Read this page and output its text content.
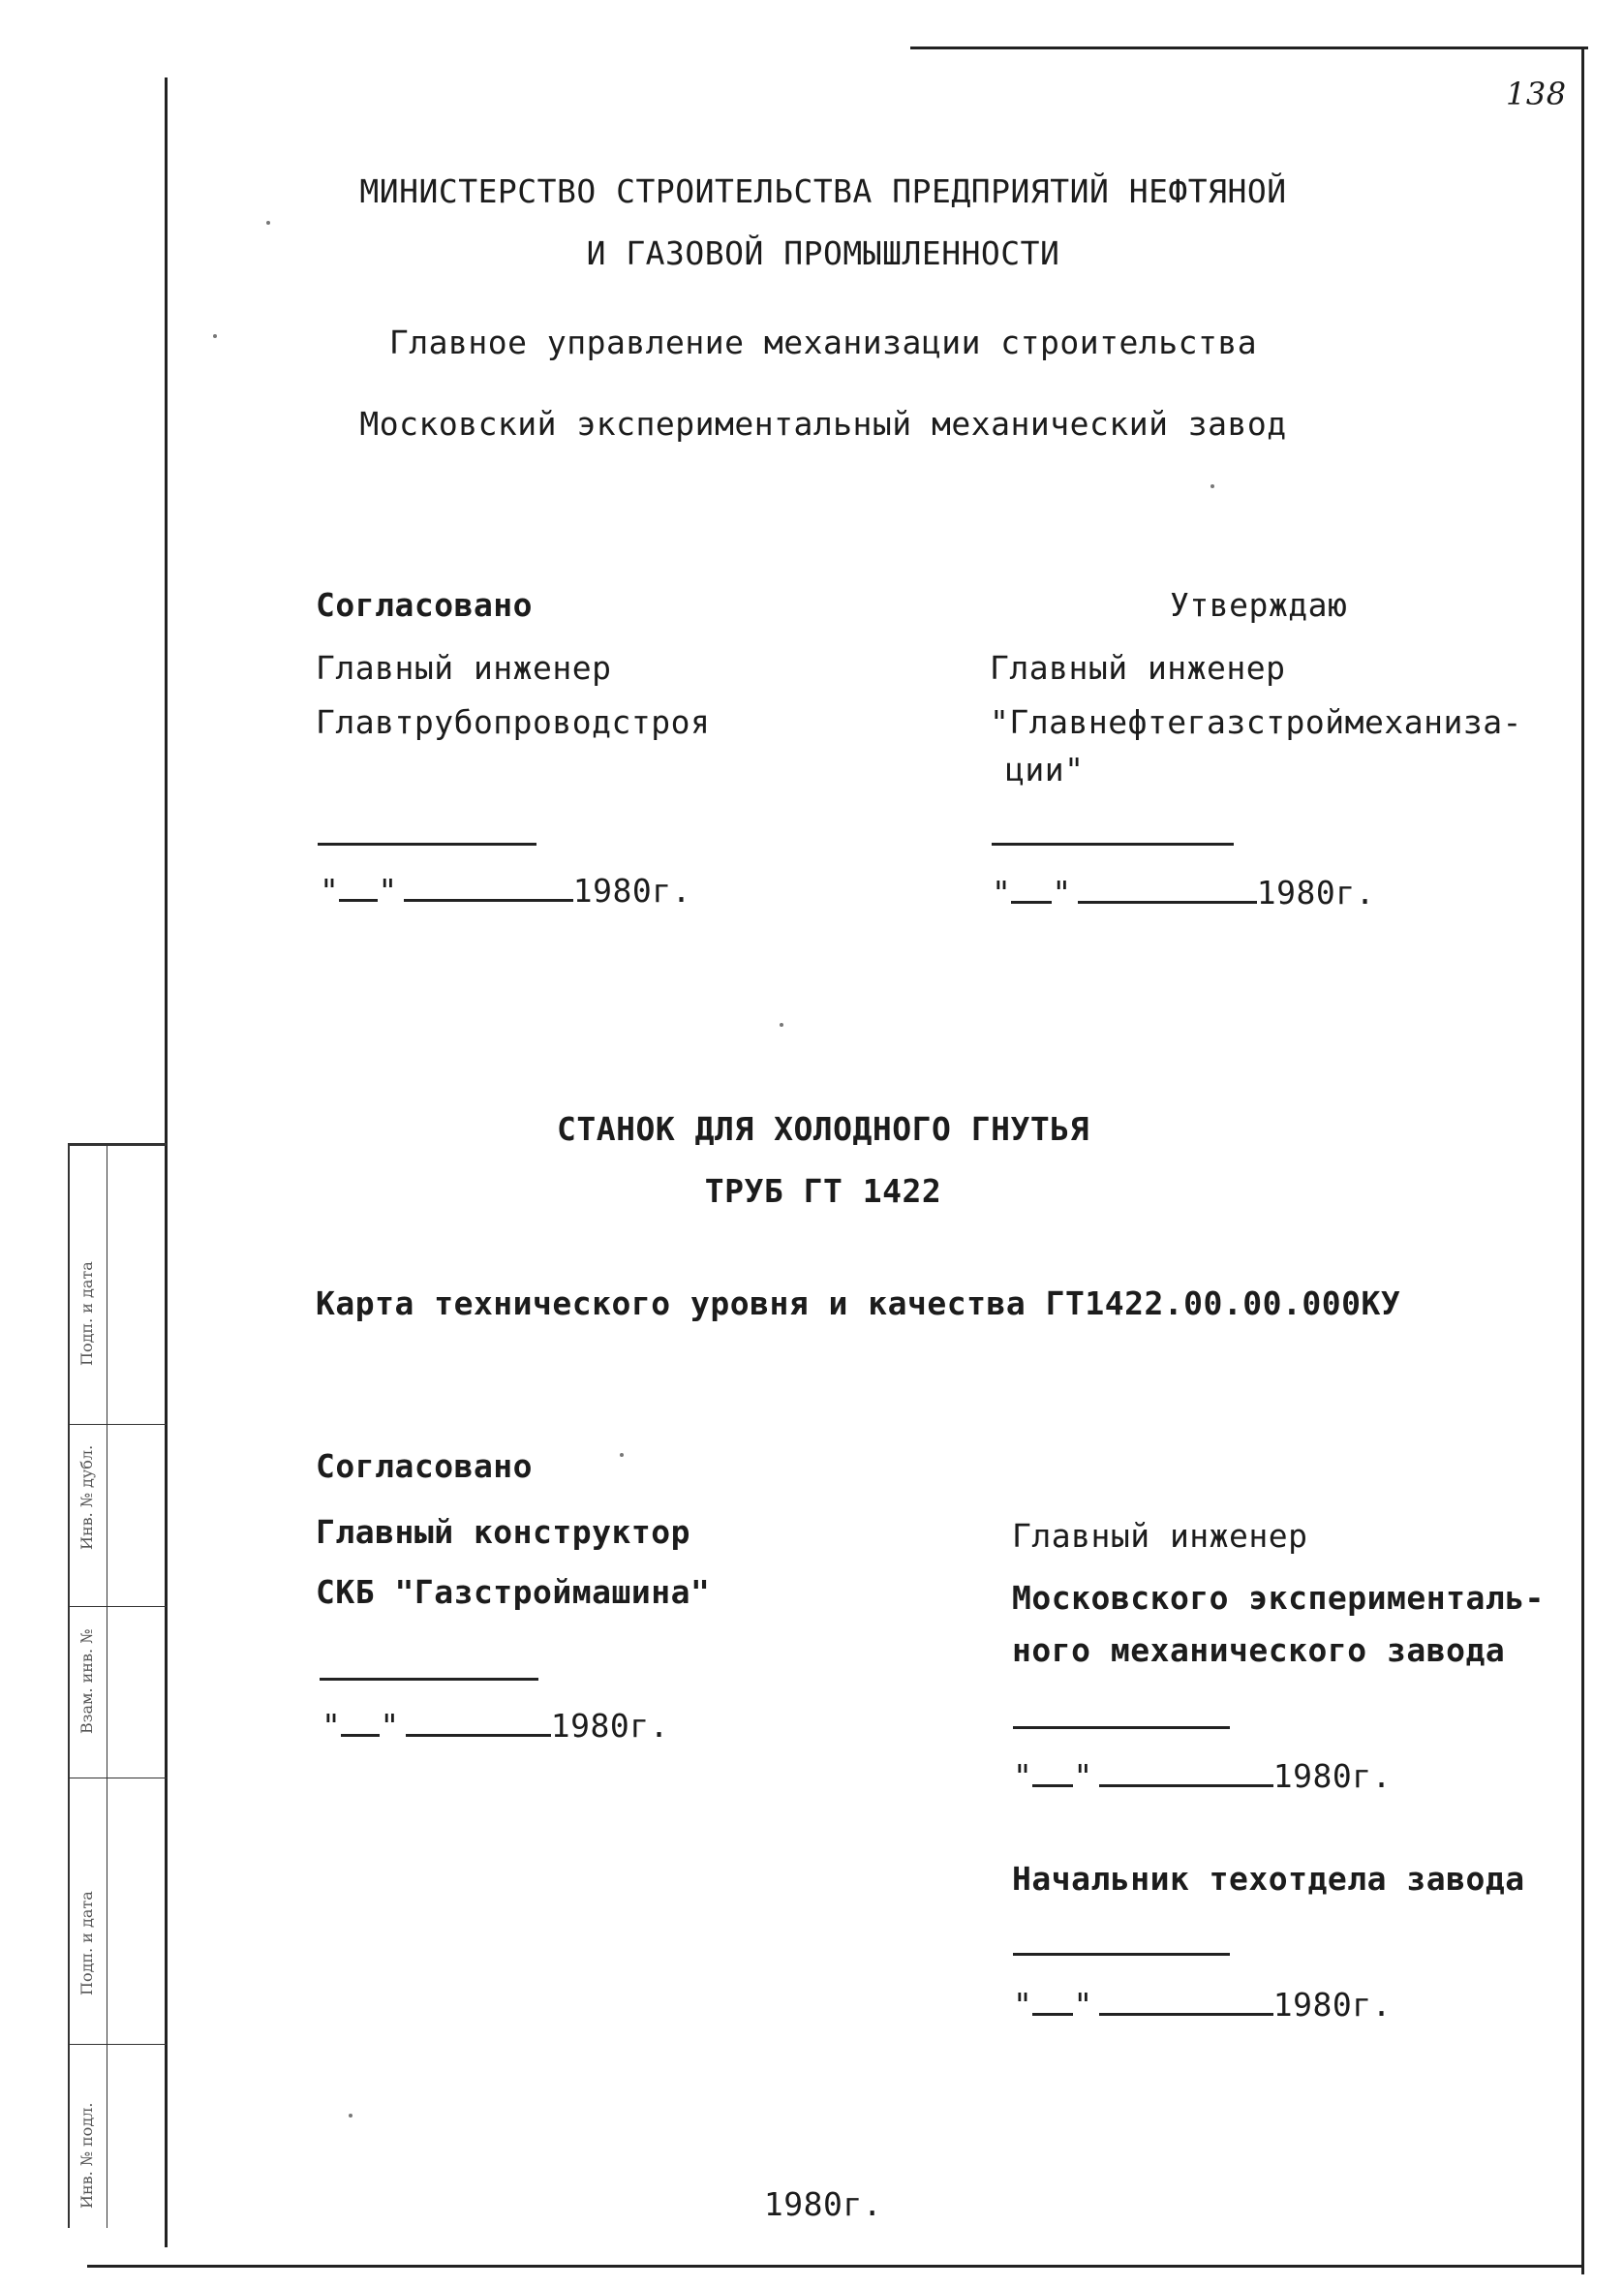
138
МИНИСТЕРСТВО СТРОИТЕЛЬСТВА ПРЕДПРИЯТИЙ НЕФТЯНОЙ
И ГАЗОВОЙ ПРОМЫШЛЕННОСТИ
Главное управление механизации строительства
Московский экспериментальный механический завод
Согласовано
Главный инженер
Главтрубопроводстроя
" "	1980г.
Утверждаю
Главный инженер
"Главнефтегазстроймеханиза-
ции"
" "	1980г.
СТАНОК ДЛЯ ХОЛОДНОГО ГНУТЬЯ
ТРУБ ГТ 1422
Карта технического уровня и качества ГТ1422.00.00.000КУ
Согласовано
Главный конструктор
СКБ "Газстроймашина"
" "	1980г.
Главный инженер
Московского эксперименталь-
ного механического завода
" "	1980г.
Начальник техотдела завода
" "	1980г.
1980г.
Подп. и дата
Инв. № дубл.
Взам. инв. №
Подп. и дата
Инв. № подл.
